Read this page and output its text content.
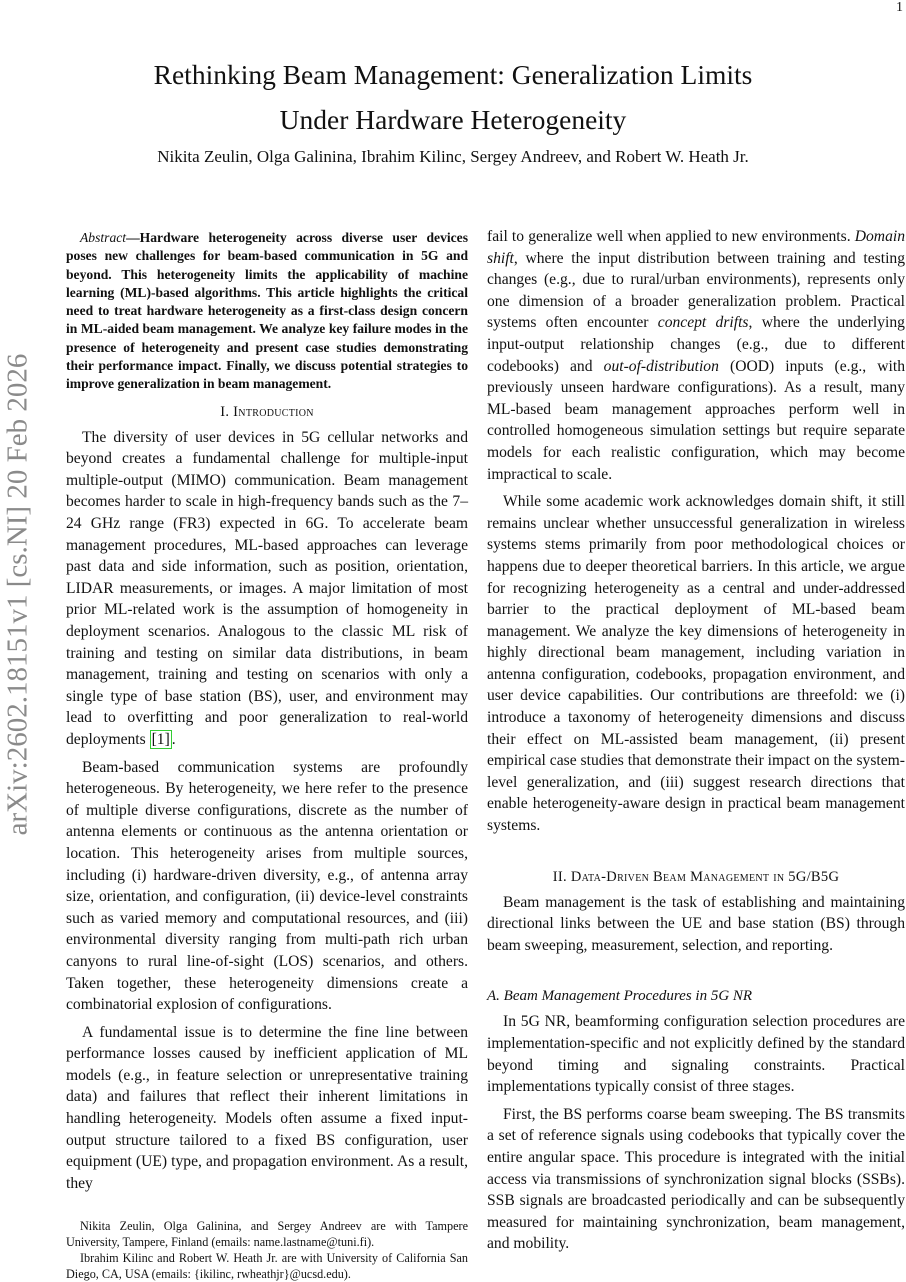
1
arXiv:2602.18151v1 [cs.NI] 20 Feb 2026
Rethinking Beam Management: Generalization Limits
Under Hardware Heterogeneity
Nikita Zeulin, Olga Galinina, Ibrahim Kilinc, Sergey Andreev, and Robert W. Heath Jr.

Abstract—Hardware heterogeneity across diverse user devices poses new challenges for beam-based communication in 5G and beyond. This heterogeneity limits the applicability of machine learning (ML)-based algorithms. This article highlights the critical need to treat hardware heterogeneity as a first-class design concern in ML-aided beam management. We analyze key failure modes in the presence of heterogeneity and present case studies demonstrating their performance impact. Finally, we discuss potential strategies to improve generalization in beam management.

I. Introduction

The diversity of user devices in 5G cellular networks and beyond creates a fundamental challenge for multiple-input multiple-output (MIMO) communication. Beam management becomes harder to scale in high-frequency bands such as the 7–24 GHz range (FR3) expected in 6G. To accelerate beam management procedures, ML-based approaches can leverage past data and side information, such as position, orientation, LIDAR measurements, or images. A major limitation of most prior ML-related work is the assumption of homogeneity in deployment scenarios. Analogous to the classic ML risk of training and testing on similar data distributions, in beam management, training and testing on scenarios with only a single type of base station (BS), user, and environment may lead to overfitting and poor generalization to real-world deployments [1] .

Beam-based communication systems are profoundly heterogeneous. By heterogeneity, we here refer to the presence of multiple diverse configurations, discrete as the number of antenna elements or continuous as the antenna orientation or location. This heterogeneity arises from multiple sources, including (i) hardware-driven diversity, e.g., of antenna array size, orientation, and configuration, (ii) device-level constraints such as varied memory and computational resources, and (iii) environmental diversity ranging from multi-path rich urban canyons to rural line-of-sight (LOS) scenarios, and others. Taken together, these heterogeneity dimensions create a combinatorial explosion of configurations.

A fundamental issue is to determine the fine line between performance losses caused by inefficient application of ML models (e.g., in feature selection or unrepresentative training data) and failures that reflect their inherent limitations in handling heterogeneity. Models often assume a fixed input-output structure tailored to a fixed BS configuration, user equipment (UE) type, and propagation environment. As a result, they

Nikita Zeulin, Olga Galinina, and Sergey Andreev are with Tampere University, Tampere, Finland (emails: name.lastname@tuni.fi).

Ibrahim Kilinc and Robert W. Heath Jr. are with University of California San Diego, CA, USA (emails: {ikilinc, rwheathjr}@ucsd.edu).

fail to generalize well when applied to new environments. Domain shift, where the input distribution between training and testing changes (e.g., due to rural/urban environments), represents only one dimension of a broader generalization problem. Practical systems often encounter concept drifts, where the underlying input-output relationship changes (e.g., due to different codebooks) and out-of-distribution (OOD) inputs (e.g., with previously unseen hardware configurations). As a result, many ML-based beam management approaches perform well in controlled homogeneous simulation settings but require separate models for each realistic configuration, which may become impractical to scale.

While some academic work acknowledges domain shift, it still remains unclear whether unsuccessful generalization in wireless systems stems primarily from poor methodological choices or happens due to deeper theoretical barriers. In this article, we argue for recognizing heterogeneity as a central and under-addressed barrier to the practical deployment of ML-based beam management. We analyze the key dimensions of heterogeneity in highly directional beam management, including variation in antenna configuration, codebooks, propagation environment, and user device capabilities. Our contributions are threefold: we (i) introduce a taxonomy of heterogeneity dimensions and discuss their effect on ML-assisted beam management, (ii) present empirical case studies that demonstrate their impact on the system-level generalization, and (iii) suggest research directions that enable heterogeneity-aware design in practical beam management systems.

II. Data-Driven Beam Management in 5G/B5G

Beam management is the task of establishing and maintaining directional links between the UE and base station (BS) through beam sweeping, measurement, selection, and reporting.

A. Beam Management Procedures in 5G NR

In 5G NR, beamforming configuration selection procedures are implementation-specific and not explicitly defined by the standard beyond timing and signaling constraints. Practical implementations typically consist of three stages.

First, the BS performs coarse beam sweeping. The BS transmits a set of reference signals using codebooks that typically cover the entire angular space. This procedure is integrated with the initial access via transmissions of synchronization signal blocks (SSBs). SSB signals are broadcasted periodically and can be subsequently measured for maintaining synchronization, beam management, and mobility.
